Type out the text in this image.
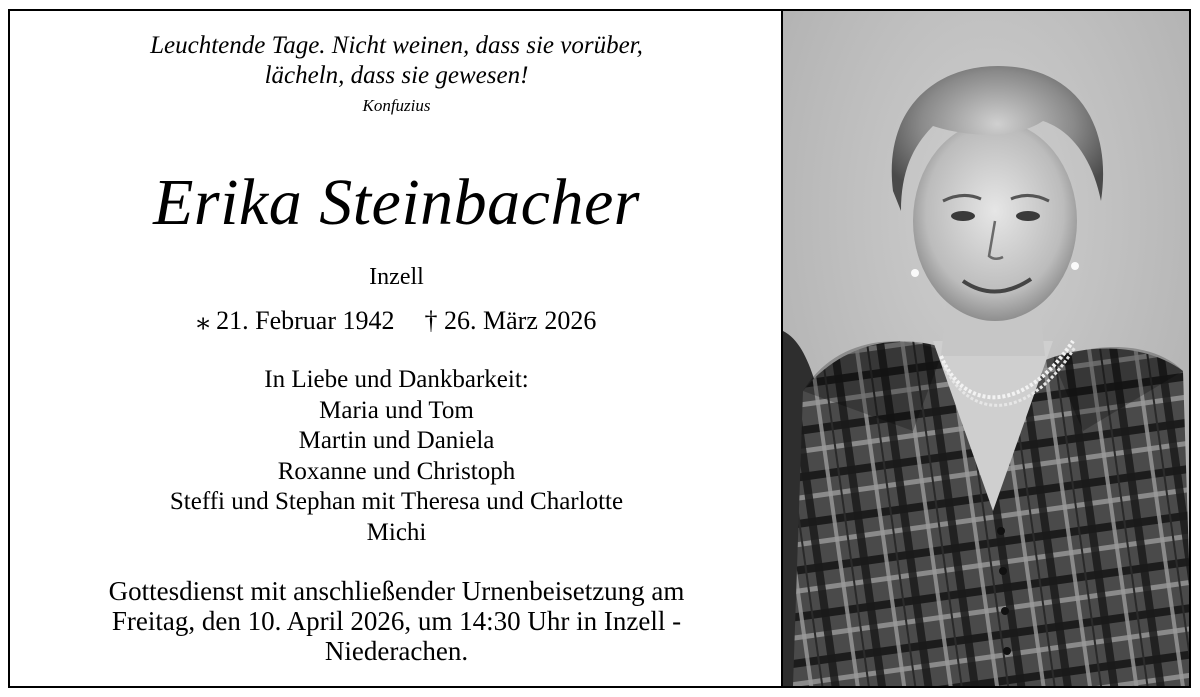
Leuchtende Tage. Nicht weinen, dass sie vorüber,
lächeln, dass sie gewesen!
Konfuzius
Erika Steinbacher
Inzell
⁎ 21. Februar 1942 † 26. März 2026
In Liebe und Dankbarkeit:
Maria und Tom
Martin und Daniela
Roxanne und Christoph
Steffi und Stephan mit Theresa und Charlotte
Michi
Gottesdienst mit anschließender Urnenbeisetzung am
Freitag, den 10. April 2026, um 14:30 Uhr in Inzell -
Niederachen.
